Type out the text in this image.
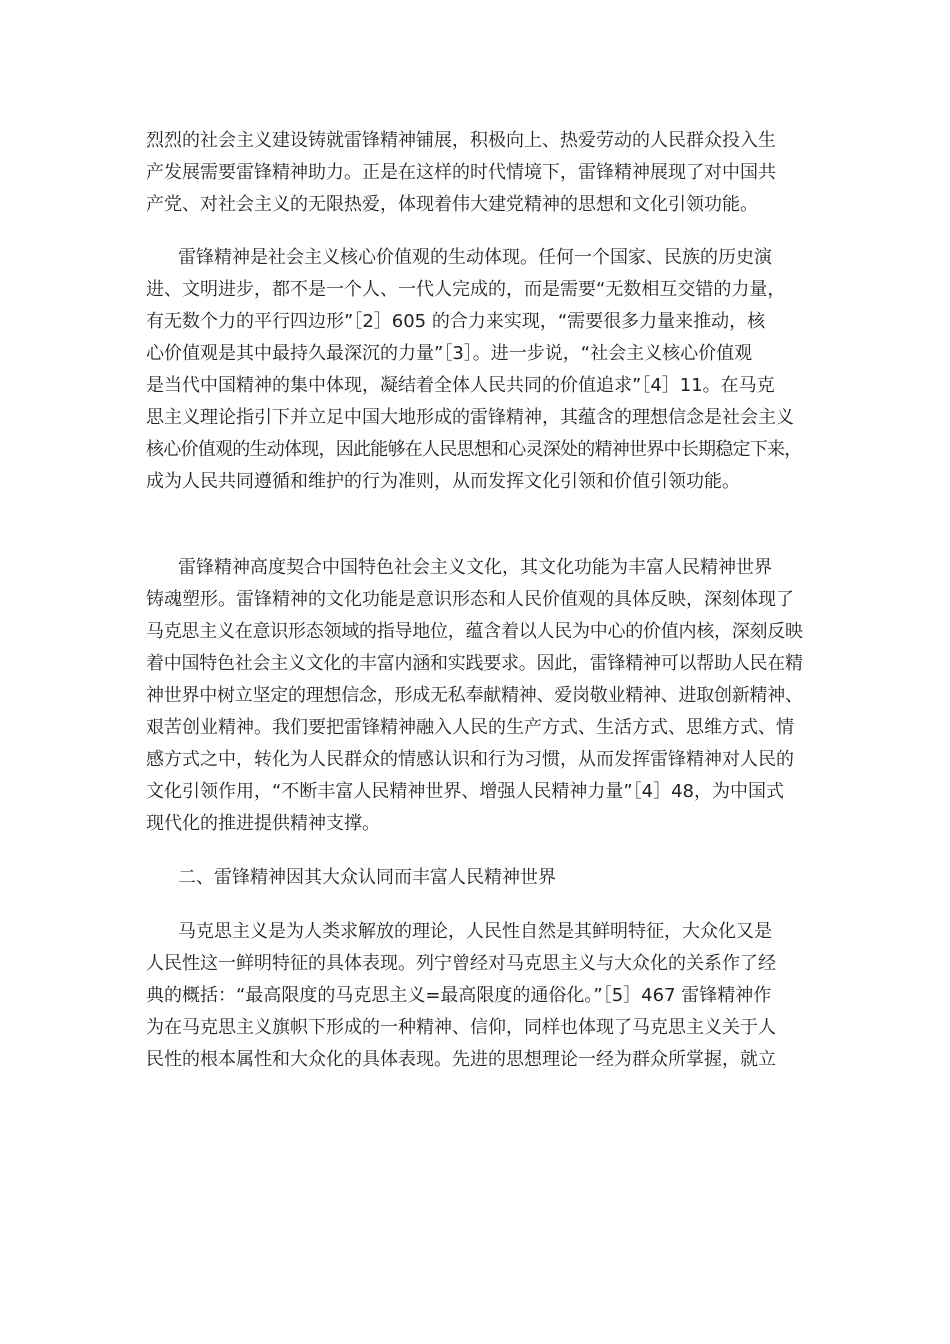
烈烈的社会主义建设铸就雷锋精神铺展，积极向上、热爱劳动的人民群众投入生
产发展需要雷锋精神助力。正是在这样的时代情境下，雷锋精神展现了对中国共
产党、对社会主义的无限热爱，体现着伟大建党精神的思想和文化引领功能。
雷锋精神是社会主义核心价值观的生动体现。任何一个国家、民族的历史演
进、文明进步，都不是一个人、一代人完成的，而是需要“无数相互交错的力量，
有无数个力的平行四边形”［2］605 的合力来实现，“需要很多力量来推动，核
心价值观是其中最持久最深沉的力量”［3］。进一步说，“社会主义核心价值观
是当代中国精神的集中体现，凝结着全体人民共同的价值追求”［4］11。在马克
思主义理论指引下并立足中国大地形成的雷锋精神，其蕴含的理想信念是社会主义
核心价值观的生动体现，因此能够在人民思想和心灵深处的精神世界中长期稳定下来，
成为人民共同遵循和维护的行为准则，从而发挥文化引领和价值引领功能。
雷锋精神高度契合中国特色社会主义文化，其文化功能为丰富人民精神世界
铸魂塑形。雷锋精神的文化功能是意识形态和人民价值观的具体反映，深刻体现了
马克思主义在意识形态领域的指导地位，蕴含着以人民为中心的价值内核，深刻反映
着中国特色社会主义文化的丰富内涵和实践要求。因此，雷锋精神可以帮助人民在精
神世界中树立坚定的理想信念，形成无私奉献精神、爱岗敬业精神、进取创新精神、
艰苦创业精神。我们要把雷锋精神融入人民的生产方式、生活方式、思维方式、情
感方式之中，转化为人民群众的情感认识和行为习惯，从而发挥雷锋精神对人民的
文化引领作用，“不断丰富人民精神世界、增强人民精神力量”［4］48，为中国式
现代化的推进提供精神支撑。
二、雷锋精神因其大众认同而丰富人民精神世界
马克思主义是为人类求解放的理论，人民性自然是其鲜明特征，大众化又是
人民性这一鲜明特征的具体表现。列宁曾经对马克思主义与大众化的关系作了经
典的概括：“最高限度的马克思主义=最高限度的通俗化。”［5］467 雷锋精神作
为在马克思主义旗帜下形成的一种精神、信仰，同样也体现了马克思主义关于人
民性的根本属性和大众化的具体表现。先进的思想理论一经为群众所掌握，就立
